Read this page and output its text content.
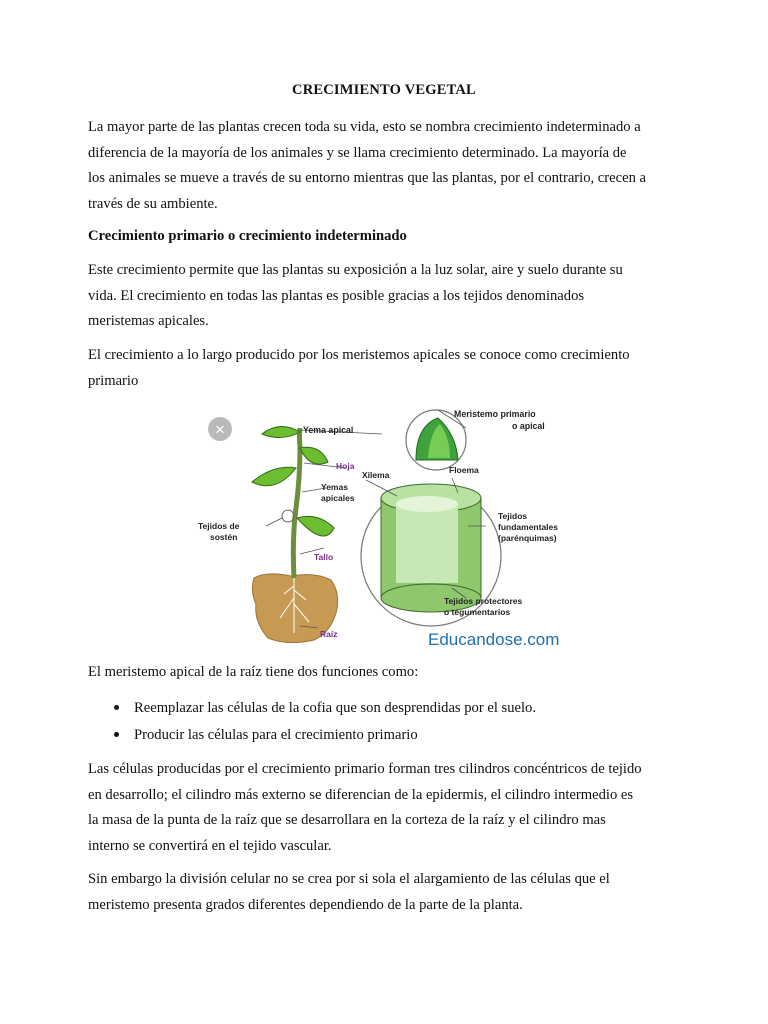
CRECIMIENTO VEGETAL

La mayor parte de las plantas crecen toda su vida, esto se nombra crecimiento indeterminado a
diferencia de la mayoría de los animales y se llama crecimiento determinado. La mayoría de
los animales se mueve a través de su entorno mientras que las plantas, por el contrario, crecen a
través de su ambiente.

Crecimiento primario o crecimiento indeterminado

Este crecimiento permite que las plantas su exposición a la luz solar, aire y suelo durante su
vida. El crecimiento en todas las plantas es posible gracias a los tejidos denominados
meristemas apicales.

El crecimiento a lo largo producido por los meristemos apicales se conoce como crecimiento
primario

×	Yema apical
Hoja
Xilema	Floema
Yemas
apicales
Tejidos de
sostén
Tallo
Raíz
Meristemo primario
o apical
Tejidos
fundamentales
(parénquimas)
Tejidos protectores
o tegumentarios
Educandose.com

El meristemo apical de la raíz tiene dos funciones como:

Reemplazar las células de la cofia que son desprendidas por el suelo.
Producir las células para el crecimiento primario

Las células producidas por el crecimiento primario forman tres cilindros concéntricos de tejido
en desarrollo; el cilindro más externo se diferencian de la epidermis, el cilindro intermedio es
la masa de la punta de la raíz que se desarrollara en la corteza de la raíz y el cilindro mas
interno se convertirá en el tejido vascular.

Sin embargo la división celular no se crea por si sola el alargamiento de las células que el
meristemo presenta grados diferentes dependiendo de la parte de la planta.
